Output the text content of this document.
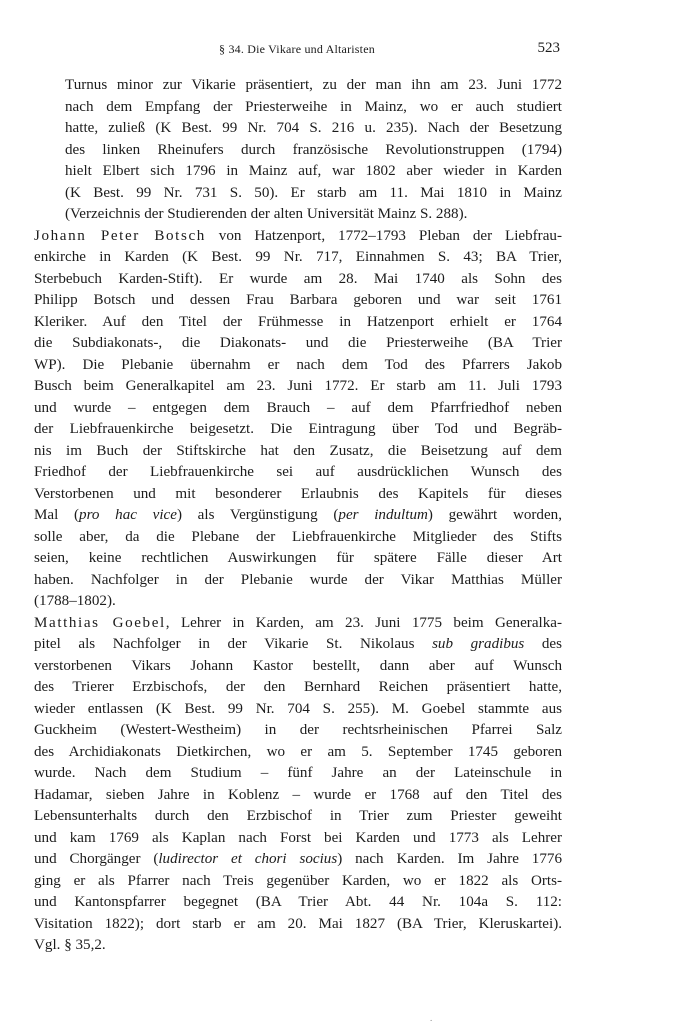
§ 34. Die Vikare und Altaristen	523

Turnus minor zur Vikarie präsentiert, zu der man ihn am 23. Juni 1772
nach dem Empfang der Priesterweihe in Mainz, wo er auch studiert
hatte, zuließ (K Best. 99 Nr. 704 S. 216 u. 235). Nach der Besetzung
des linken Rheinufers durch französische Revolutionstruppen (1794)
hielt Elbert sich 1796 in Mainz auf, war 1802 aber wieder in Karden
(K Best. 99 Nr. 731 S. 50). Er starb am 11. Mai 1810 in Mainz
(Verzeichnis der Studierenden der alten Universität Mainz S. 288).

Johann Peter Botsch von Hatzenport, 1772–1793 Pleban der Liebfrau-
enkirche in Karden (K Best. 99 Nr. 717, Einnahmen S. 43; BA Trier,
Sterbebuch Karden-Stift). Er wurde am 28. Mai 1740 als Sohn des
Philipp Botsch und dessen Frau Barbara geboren und war seit 1761
Kleriker. Auf den Titel der Frühmesse in Hatzenport erhielt er 1764
die Subdiakonats-, die Diakonats- und die Priesterweihe (BA Trier
WP). Die Plebanie übernahm er nach dem Tod des Pfarrers Jakob
Busch beim Generalkapitel am 23. Juni 1772. Er starb am 11. Juli 1793
und wurde – entgegen dem Brauch – auf dem Pfarrfriedhof neben
der Liebfrauenkirche beigesetzt. Die Eintragung über Tod und Begräb-
nis im Buch der Stiftskirche hat den Zusatz, die Beisetzung auf dem
Friedhof der Liebfrauenkirche sei auf ausdrücklichen Wunsch des
Verstorbenen und mit besonderer Erlaubnis des Kapitels für dieses
Mal (pro hac vice) als Vergünstigung (per indultum) gewährt worden,
solle aber, da die Plebane der Liebfrauenkirche Mitglieder des Stifts
seien, keine rechtlichen Auswirkungen für spätere Fälle dieser Art
haben. Nachfolger in der Plebanie wurde der Vikar Matthias Müller
(1788–1802).

Matthias Goebel, Lehrer in Karden, am 23. Juni 1775 beim Generalka-
pitel als Nachfolger in der Vikarie St. Nikolaus sub gradibus des
verstorbenen Vikars Johann Kastor bestellt, dann aber auf Wunsch
des Trierer Erzbischofs, der den Bernhard Reichen präsentiert hatte,
wieder entlassen (K Best. 99 Nr. 704 S. 255). M. Goebel stammte aus
Guckheim (Westert-Westheim) in der rechtsrheinischen Pfarrei Salz
des Archidiakonats Dietkirchen, wo er am 5. September 1745 geboren
wurde. Nach dem Studium – fünf Jahre an der Lateinschule in
Hadamar, sieben Jahre in Koblenz – wurde er 1768 auf den Titel des
Lebensunterhalts durch den Erzbischof in Trier zum Priester geweiht
und kam 1769 als Kaplan nach Forst bei Karden und 1773 als Lehrer
und Chorgänger (ludirector et chori socius) nach Karden. Im Jahre 1776
ging er als Pfarrer nach Treis gegenüber Karden, wo er 1822 als Orts-
und Kantonspfarrer begegnet (BA Trier Abt. 44 Nr. 104a S. 112:
Visitation 1822); dort starb er am 20. Mai 1827 (BA Trier, Kleruskartei).
Vgl. § 35,2.

.
